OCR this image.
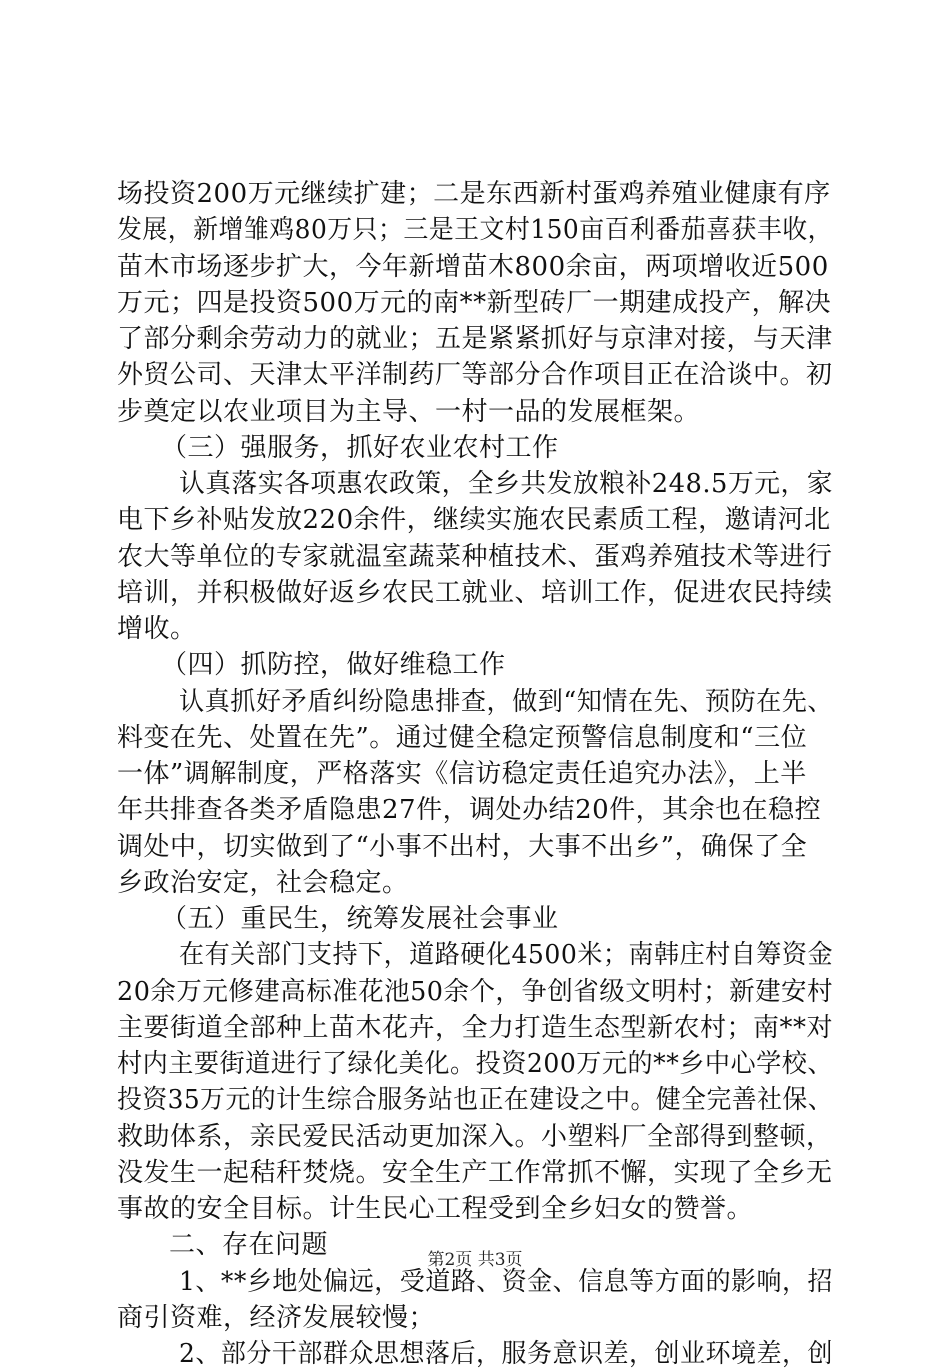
场投资200万元继续扩建；二是东西新村蛋鸡养殖业健康有序
发展，新增雏鸡80万只；三是王文村150亩百利番茄喜获丰收，
苗木市场逐步扩大，今年新增苗木800余亩，两项增收近500
万元；四是投资500万元的南**新型砖厂一期建成投产，解决
了部分剩余劳动力的就业；五是紧紧抓好与京津对接，与天津
外贸公司、天津太平洋制药厂等部分合作项目正在洽谈中。初
步奠定以农业项目为主导、一村一品的发展框架。
（三）强服务，抓好农业农村工作
认真落实各项惠农政策，全乡共发放粮补248.5万元，家
电下乡补贴发放220余件，继续实施农民素质工程，邀请河北
农大等单位的专家就温室蔬菜种植技术、蛋鸡养殖技术等进行
培训，并积极做好返乡农民工就业、培训工作，促进农民持续
增收。
（四）抓防控，做好维稳工作
认真抓好矛盾纠纷隐患排查，做到“知情在先、预防在先、
料变在先、处置在先”。通过健全稳定预警信息制度和“三位
一体”调解制度，严格落实《信访稳定责任追究办法》，上半
年共排查各类矛盾隐患27件，调处办结20件，其余也在稳控
调处中，切实做到了“小事不出村，大事不出乡”，确保了全
乡政治安定，社会稳定。
（五）重民生，统筹发展社会事业
在有关部门支持下，道路硬化4500米；南韩庄村自筹资金
20余万元修建高标准花池50余个，争创省级文明村；新建安村
主要街道全部种上苗木花卉，全力打造生态型新农村；南**对
村内主要街道进行了绿化美化。投资200万元的**乡中心学校、
投资35万元的计生综合服务站也正在建设之中。健全完善社保、
救助体系，亲民爱民活动更加深入。小塑料厂全部得到整顿，
没发生一起秸秆焚烧。安全生产工作常抓不懈，实现了全乡无
事故的安全目标。计生民心工程受到全乡妇女的赞誉。
二、存在问题
1、**乡地处偏远，受道路、资金、信息等方面的影响，招
商引资难，经济发展较慢；
2、部分干部群众思想落后，服务意识差，创业环境差，创
第2页 共3页
